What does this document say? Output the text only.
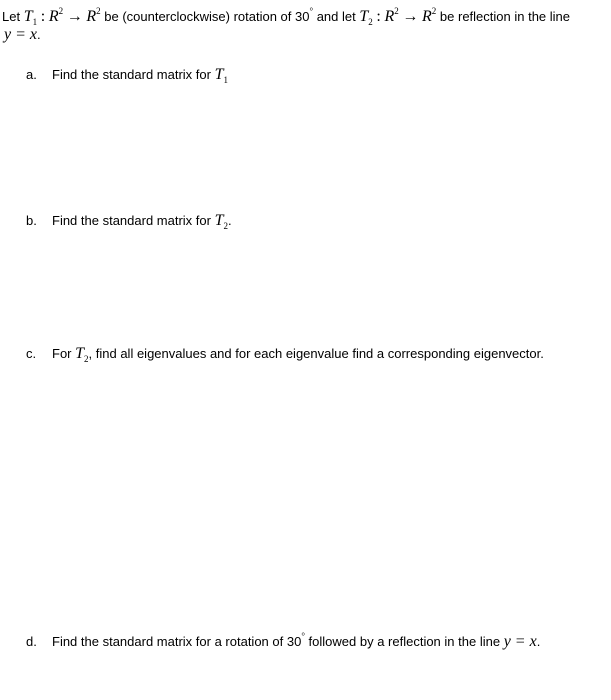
Let $T_1$ : $R^2 \to R^2$ be (counterclockwise) rotation of 30° and let $T_2$ : $R^2 \to R^2$ be reflection in the line
y = x.
a. Find the standard matrix for $T_1$
b. Find the standard matrix for $T_2$.
c. For $T_2$, find all eigenvalues and for each eigenvalue find a corresponding eigenvector.
d. Find the standard matrix for a rotation of 30° followed by a reflection in the line y = x.
